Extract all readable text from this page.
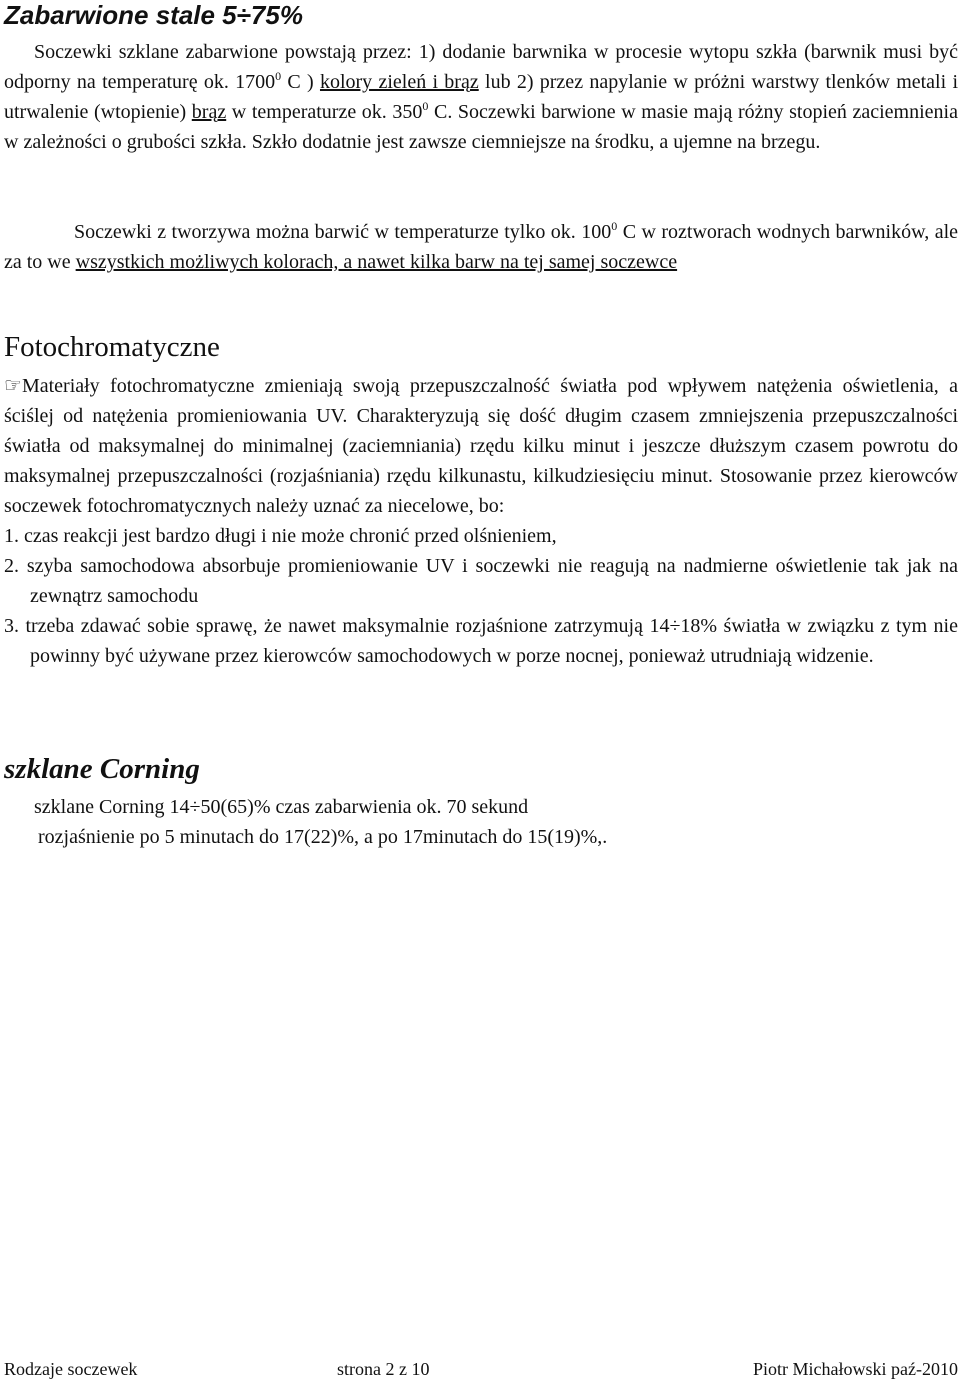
Zabarwione stale 5÷75%

Soczewki szklane zabarwione powstają przez: 1) dodanie barwnika w procesie wytopu szkła (barwnik musi być odporny na temperaturę ok. 1700$^0$ C ) kolory zieleń i brąz lub 2) przez napylanie w próżni warstwy tlenków metali i utrwalenie (wtopienie) brąz w temperaturze ok. $350^0$ C. Soczewki barwione w masie mają różny stopień zaciemnienia w zależności o grubości szkła. Szkło dodatnie jest zawsze ciemniejsze na środku, a ujemne na brzegu.

Soczewki z tworzywa można barwić w temperaturze tylko ok. $100^0$ C w roztworach wodnych barwników, ale za to we wszystkich możliwych kolorach, a nawet kilka barw na tej samej soczewce

Fotochromatyczne

☞Materiały fotochromatyczne zmieniają swoją przepuszczalność światła pod wpływem natężenia oświetlenia, a ściślej od natężenia promieniowania UV. Charakteryzują się dość długim czasem zmniejszenia przepuszczalności światła od maksymalnej do minimalnej (zaciemniania) rzędu kilku minut i jeszcze dłuższym czasem powrotu do maksymalnej przepuszczalności (rozjaśniania) rzędu kilkunastu, kilkudziesięciu minut. Stosowanie przez kierowców soczewek fotochromatycznych należy uznać za niecelowe, bo:

1. czas reakcji jest bardzo długi i nie może chronić przed olśnieniem,
2. szyba samochodowa absorbuje promieniowanie UV i soczewki nie reagują na nadmierne oświetlenie tak jak na zewnątrz samochodu
3. trzeba zdawać sobie sprawę, że nawet maksymalnie rozjaśnione zatrzymują 14÷18% światła w związku z tym nie powinny być używane przez kierowców samochodowych w porze nocnej, ponieważ utrudniają widzenie.
szklane Corning

szklane Corning 14÷50(65)% czas zabarwienia ok. 70 sekund

rozjaśnienie po 5 minutach do 17(22)%, a po 17minutach do 15(19)%,.

Rodzaje soczewek	strona 2 z 10	Piotr Michałowski paź-2010
